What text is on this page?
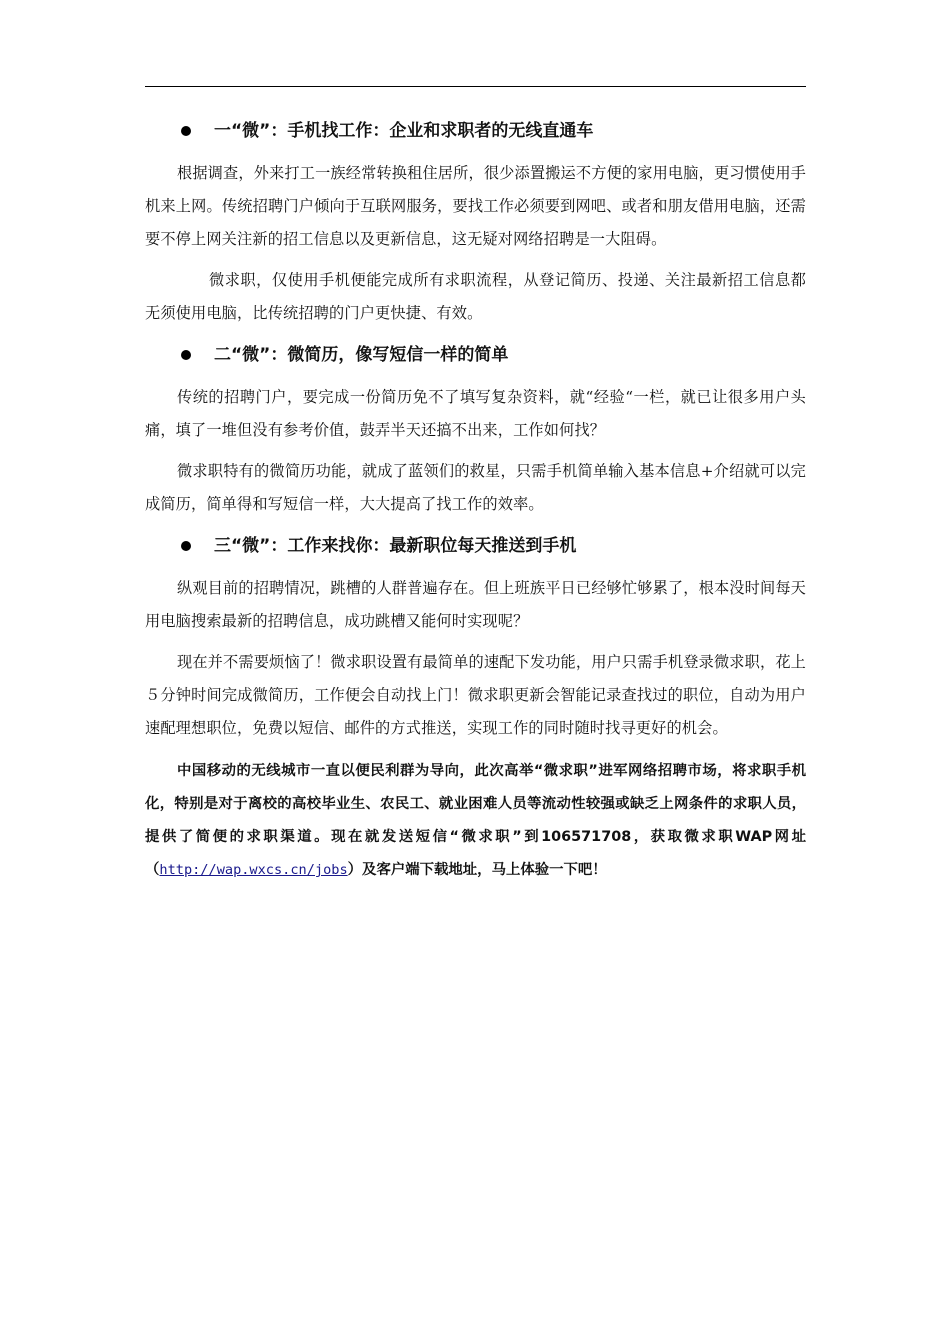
一“微”：手机找工作：企业和求职者的无线直通车

根据调查，外来打工一族经常转换租住居所，很少添置搬运不方便的家用电脑，更习惯使用手机来上网。传统招聘门户倾向于互联网服务，要找工作必须要到网吧、或者和朋友借用电脑，还需要不停上网关注新的招工信息以及更新信息，这无疑对网络招聘是一大阻碍。

微求职，仅使用手机便能完成所有求职流程，从登记简历、投递、关注最新招工信息都无须使用电脑，比传统招聘的门户更快捷、有效。

二“微”：微简历，像写短信一样的简单

传统的招聘门户，要完成一份简历免不了填写复杂资料，就“经验“一栏，就已让很多用户头痛，填了一堆但没有参考价值，鼓弄半天还搞不出来，工作如何找？

微求职特有的微简历功能，就成了蓝领们的救星，只需手机简单输入基本信息+介绍就可以完成简历，简单得和写短信一样，大大提高了找工作的效率。

三“微”：工作来找你：最新职位每天推送到手机

纵观目前的招聘情况，跳槽的人群普遍存在。但上班族平日已经够忙够累了，根本没时间每天用电脑搜索最新的招聘信息，成功跳槽又能何时实现呢？

现在并不需要烦恼了！微求职设置有最简单的速配下发功能，用户只需手机登录微求职，花上５分钟时间完成微简历，工作便会自动找上门！微求职更新会智能记录查找过的职位，自动为用户速配理想职位，免费以短信、邮件的方式推送，实现工作的同时随时找寻更好的机会。

中国移动的无线城市一直以便民利群为导向，此次高举“微求职”进军网络招聘市场，将求职手机化，特别是对于离校的高校毕业生、农民工、就业困难人员等流动性较强或缺乏上网条件的求职人员，提供了简便的求职渠道。现在就发送短信“微求职”到106571708，获取微求职WAP网址（http://wap.wxcs.cn/jobs）及客户端下载地址，马上体验一下吧！
